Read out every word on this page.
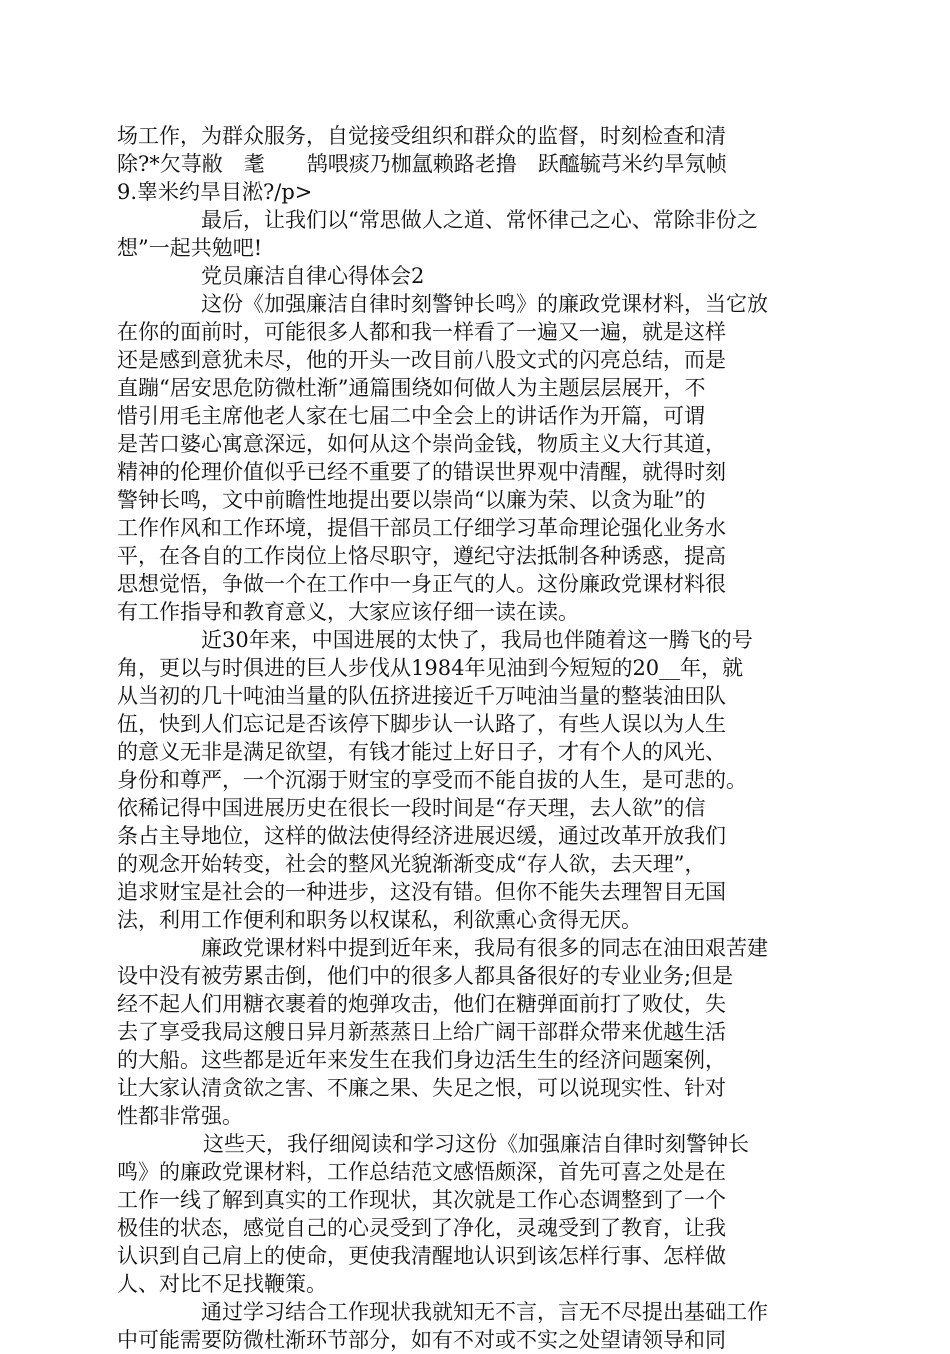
场工作，为群众服务，自觉接受组织和群众的监督，时刻检查和清
除?*欠荨敝　耄　　鹄喂痰乃枷氲赖路老撸　跃醯毓芎米约旱氖帧
9.睾米约旱目淞?/p>
最后，让我们以“常思做人之道、常怀律己之心、常除非份之
想”一起共勉吧!
党员廉洁自律心得体会2
这份《加强廉洁自律时刻警钟长鸣》的廉政党课材料，当它放
在你的面前时，可能很多人都和我一样看了一遍又一遍，就是这样
还是感到意犹未尽，他的开头一改目前八股文式的闪亮总结，而是
直蹦“居安思危防微杜渐”通篇围绕如何做人为主题层层展开，不
惜引用毛主席他老人家在七届二中全会上的讲话作为开篇，可谓
是苦口婆心寓意深远，如何从这个崇尚金钱，物质主义大行其道，
精神的伦理价值似乎已经不重要了的错误世界观中清醒，就得时刻
警钟长鸣，文中前瞻性地提出要以崇尚“以廉为荣、以贪为耻”的
工作作风和工作环境，提倡干部员工仔细学习革命理论强化业务水
平，在各自的工作岗位上恪尽职守，遵纪守法抵制各种诱惑，提高
思想觉悟，争做一个在工作中一身正气的人。这份廉政党课材料很
有工作指导和教育意义，大家应该仔细一读在读。
近30年来，中国进展的太快了，我局也伴随着这一腾飞的号
角，更以与时俱进的巨人步伐从1984年见油到今短短的20__年，就
从当初的几十吨油当量的队伍挤进接近千万吨油当量的整装油田队
伍，快到人们忘记是否该停下脚步认一认路了，有些人误以为人生
的意义无非是满足欲望，有钱才能过上好日子，才有个人的风光、
身份和尊严，一个沉溺于财宝的享受而不能自拔的人生，是可悲的。
依稀记得中国进展历史在很长一段时间是“存天理，去人欲”的信
条占主导地位，这样的做法使得经济进展迟缓，通过改革开放我们
的观念开始转变，社会的整风光貌渐渐变成“存人欲，去天理”，
追求财宝是社会的一种进步，这没有错。但你不能失去理智目无国
法，利用工作便利和职务以权谋私，利欲熏心贪得无厌。
廉政党课材料中提到近年来，我局有很多的同志在油田艰苦建
设中没有被劳累击倒，他们中的很多人都具备很好的专业业务;但是
经不起人们用糖衣裹着的炮弹攻击，他们在糖弹面前打了败仗，失
去了享受我局这艘日异月新蒸蒸日上给广阔干部群众带来优越生活
的大船。这些都是近年来发生在我们身边活生生的经济问题案例，
让大家认清贪欲之害、不廉之果、失足之恨，可以说现实性、针对
性都非常强。
这些天，我仔细阅读和学习这份《加强廉洁自律时刻警钟长
鸣》的廉政党课材料，工作总结范文感悟颇深，首先可喜之处是在
工作一线了解到真实的工作现状，其次就是工作心态调整到了一个
极佳的状态，感觉自己的心灵受到了净化，灵魂受到了教育，让我
认识到自己肩上的使命，更使我清醒地认识到该怎样行事、怎样做
人、对比不足找鞭策。
通过学习结合工作现状我就知无不言，言无不尽提出基础工作
中可能需要防微杜渐环节部分，如有不对或不实之处望请领导和同
